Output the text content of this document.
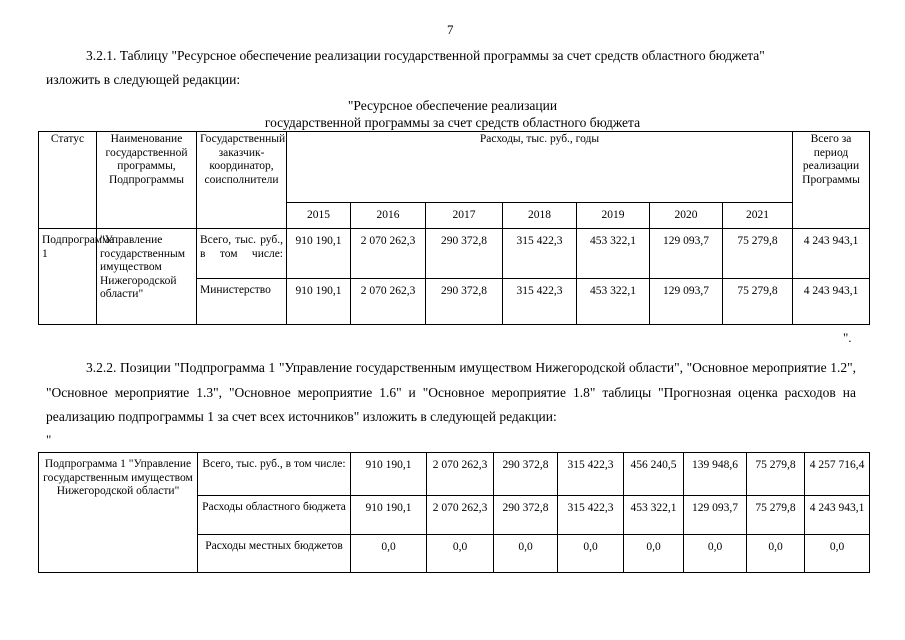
7
3.2.1. Таблицу "Ресурсное обеспечение реализации государственной программы за счет средств областного бюджета"
изложить в следующей редакции:
"Ресурсное обеспечение реализации
государственной программы за счет средств областного бюджета
Статус	Наименование государственной программы, Подпрограммы	Государственный заказчик-координатор, соисполнители	Расходы, тыс. руб., годы							Всего за период реализации Программы
			2015	2016	2017	2018	2019	2020	2021	
Подпрограмма 1	"Управление государственным имуществом Нижегородской области"	Всего, тыс. руб., в том числе:	910 190,1	2 070 262,3	290 372,8	315 422,3	453 322,1	129 093,7	75 279,8	4 243 943,1
		Министерство	910 190,1	2 070 262,3	290 372,8	315 422,3	453 322,1	129 093,7	75 279,8	4 243 943,1
".
3.2.2. Позиции "Подпрограмма 1 "Управление государственным имуществом Нижегородской области", "Основное мероприятие 1.2", "Основное мероприятие 1.3", "Основное мероприятие 1.6" и "Основное мероприятие 1.8" таблицы "Прогнозная оценка расходов на реализацию подпрограммы 1 за счет всех источников" изложить в следующей редакции:
"
Подпрограмма 1 "Управление государственным имуществом Нижегородской области"	Всего, тыс. руб., в том числе:	910 190,1	2 070 262,3	290 372,8	315 422,3	456 240,5	139 948,6	75 279,8	4 257 716,4
	Расходы областного бюджета	910 190,1	2 070 262,3	290 372,8	315 422,3	453 322,1	129 093,7	75 279,8	4 243 943,1
	Расходы местных бюджетов	0,0	0,0	0,0	0,0	0,0	0,0	0,0	0,0
